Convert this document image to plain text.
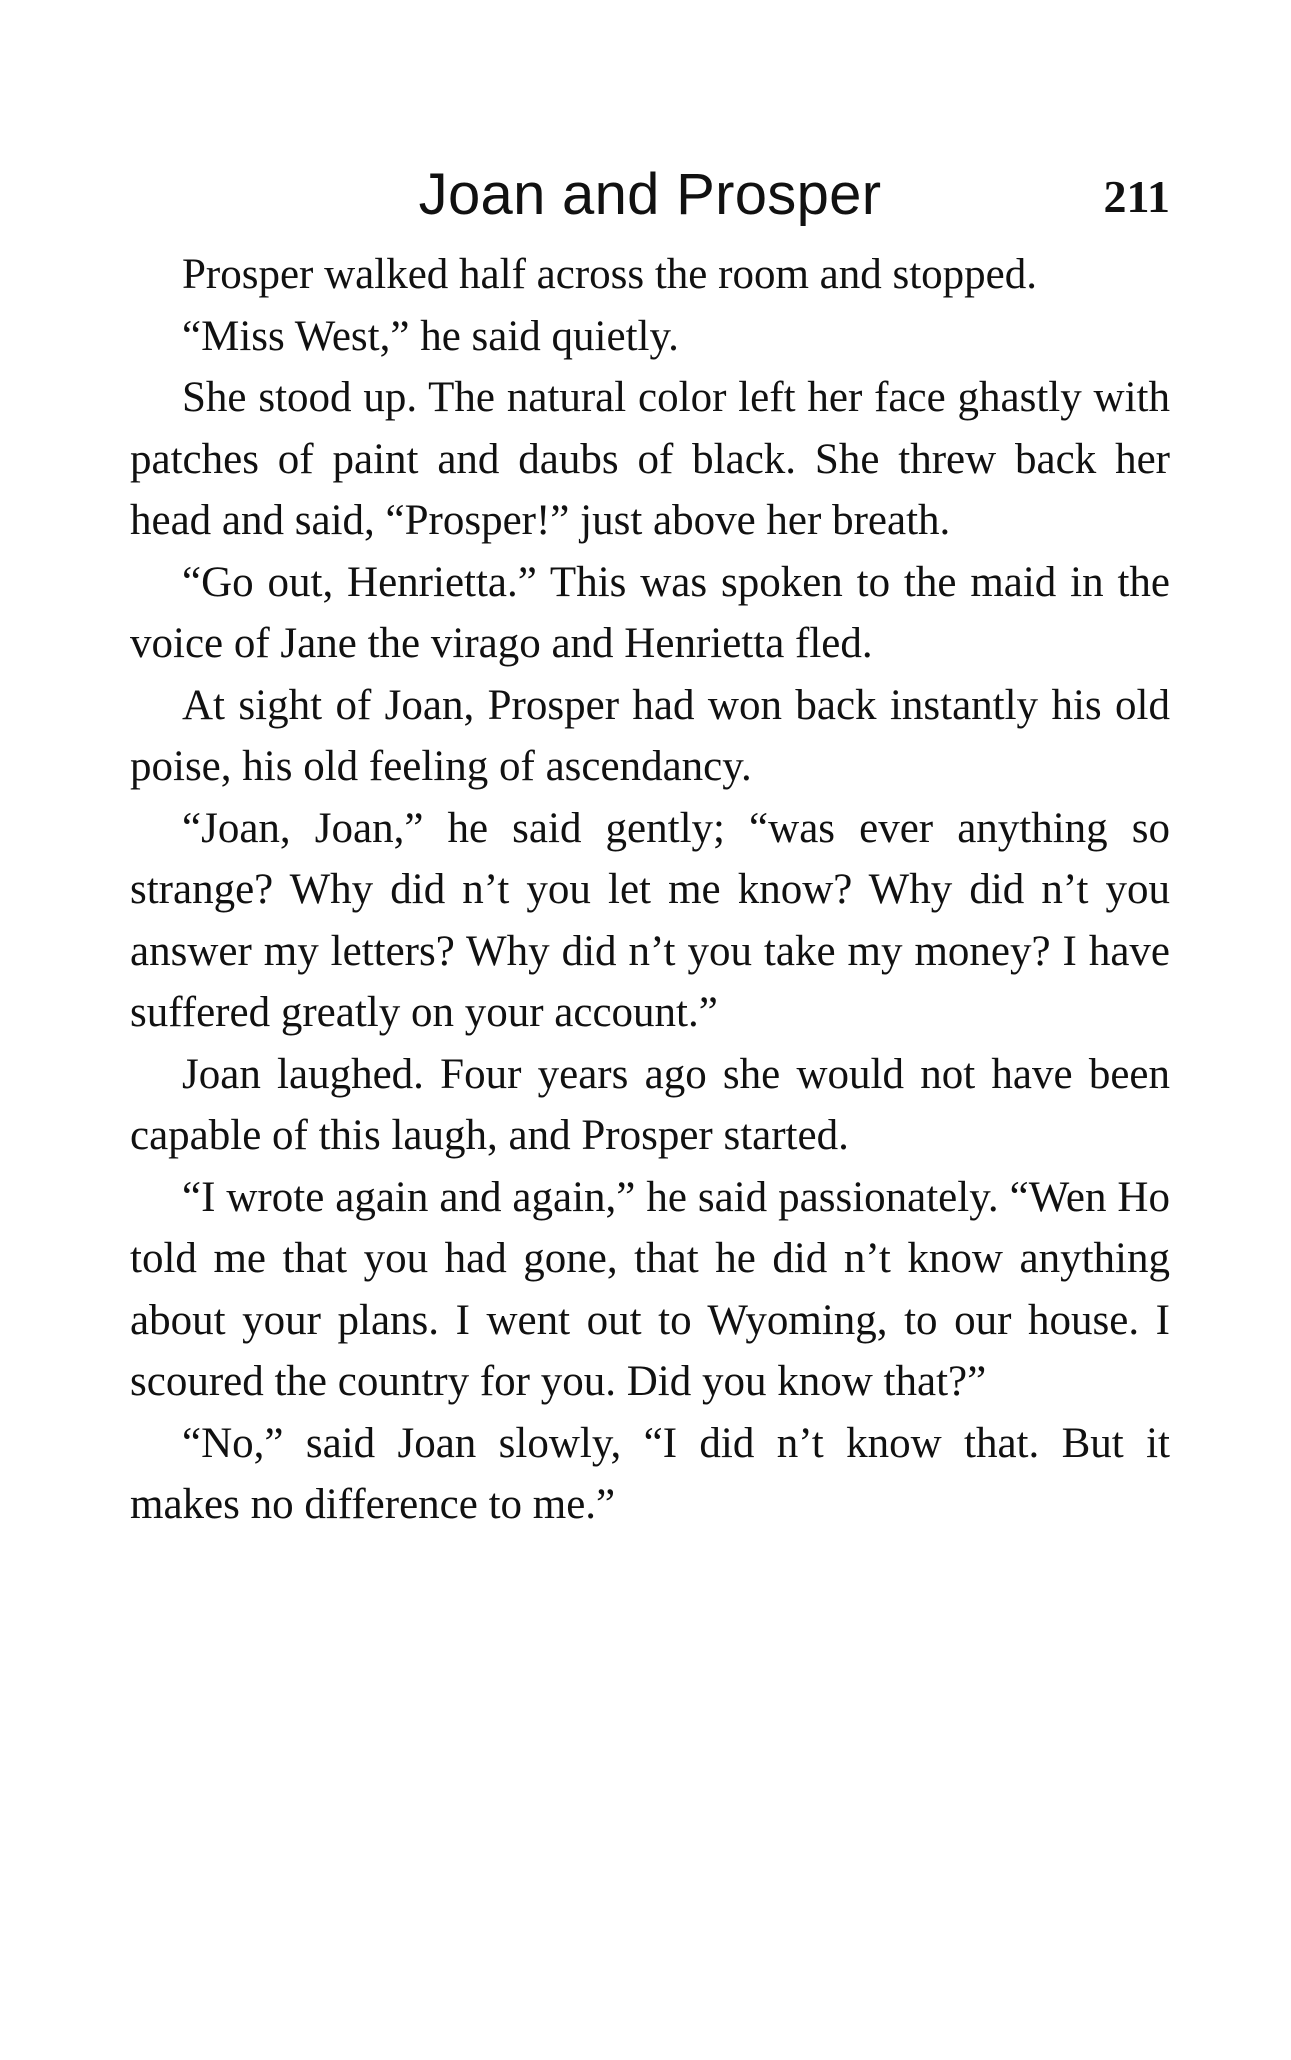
Joan and Prosper	211

Prosper walked half across the room and stopped.

“Miss West,” he said quietly.

She stood up. The natural color left her face ghastly with patches of paint and daubs of black. She threw back her head and said, “Prosper!” just above her breath.

“Go out, Henrietta.” This was spoken to the maid in the voice of Jane the virago and Henrietta fled.

At sight of Joan, Prosper had won back instantly his old poise, his old feeling of ascendancy.

“Joan, Joan,” he said gently; “was ever anything so strange? Why did n’t you let me know? Why did n’t you answer my letters? Why did n’t you take my money? I have suffered greatly on your account.”

Joan laughed. Four years ago she would not have been capable of this laugh, and Prosper started.

“I wrote again and again,” he said passionately. “Wen Ho told me that you had gone, that he did n’t know anything about your plans. I went out to Wyoming, to our house. I scoured the country for you. Did you know that?”

“No,” said Joan slowly, “I did n’t know that. But it makes no difference to me.”
